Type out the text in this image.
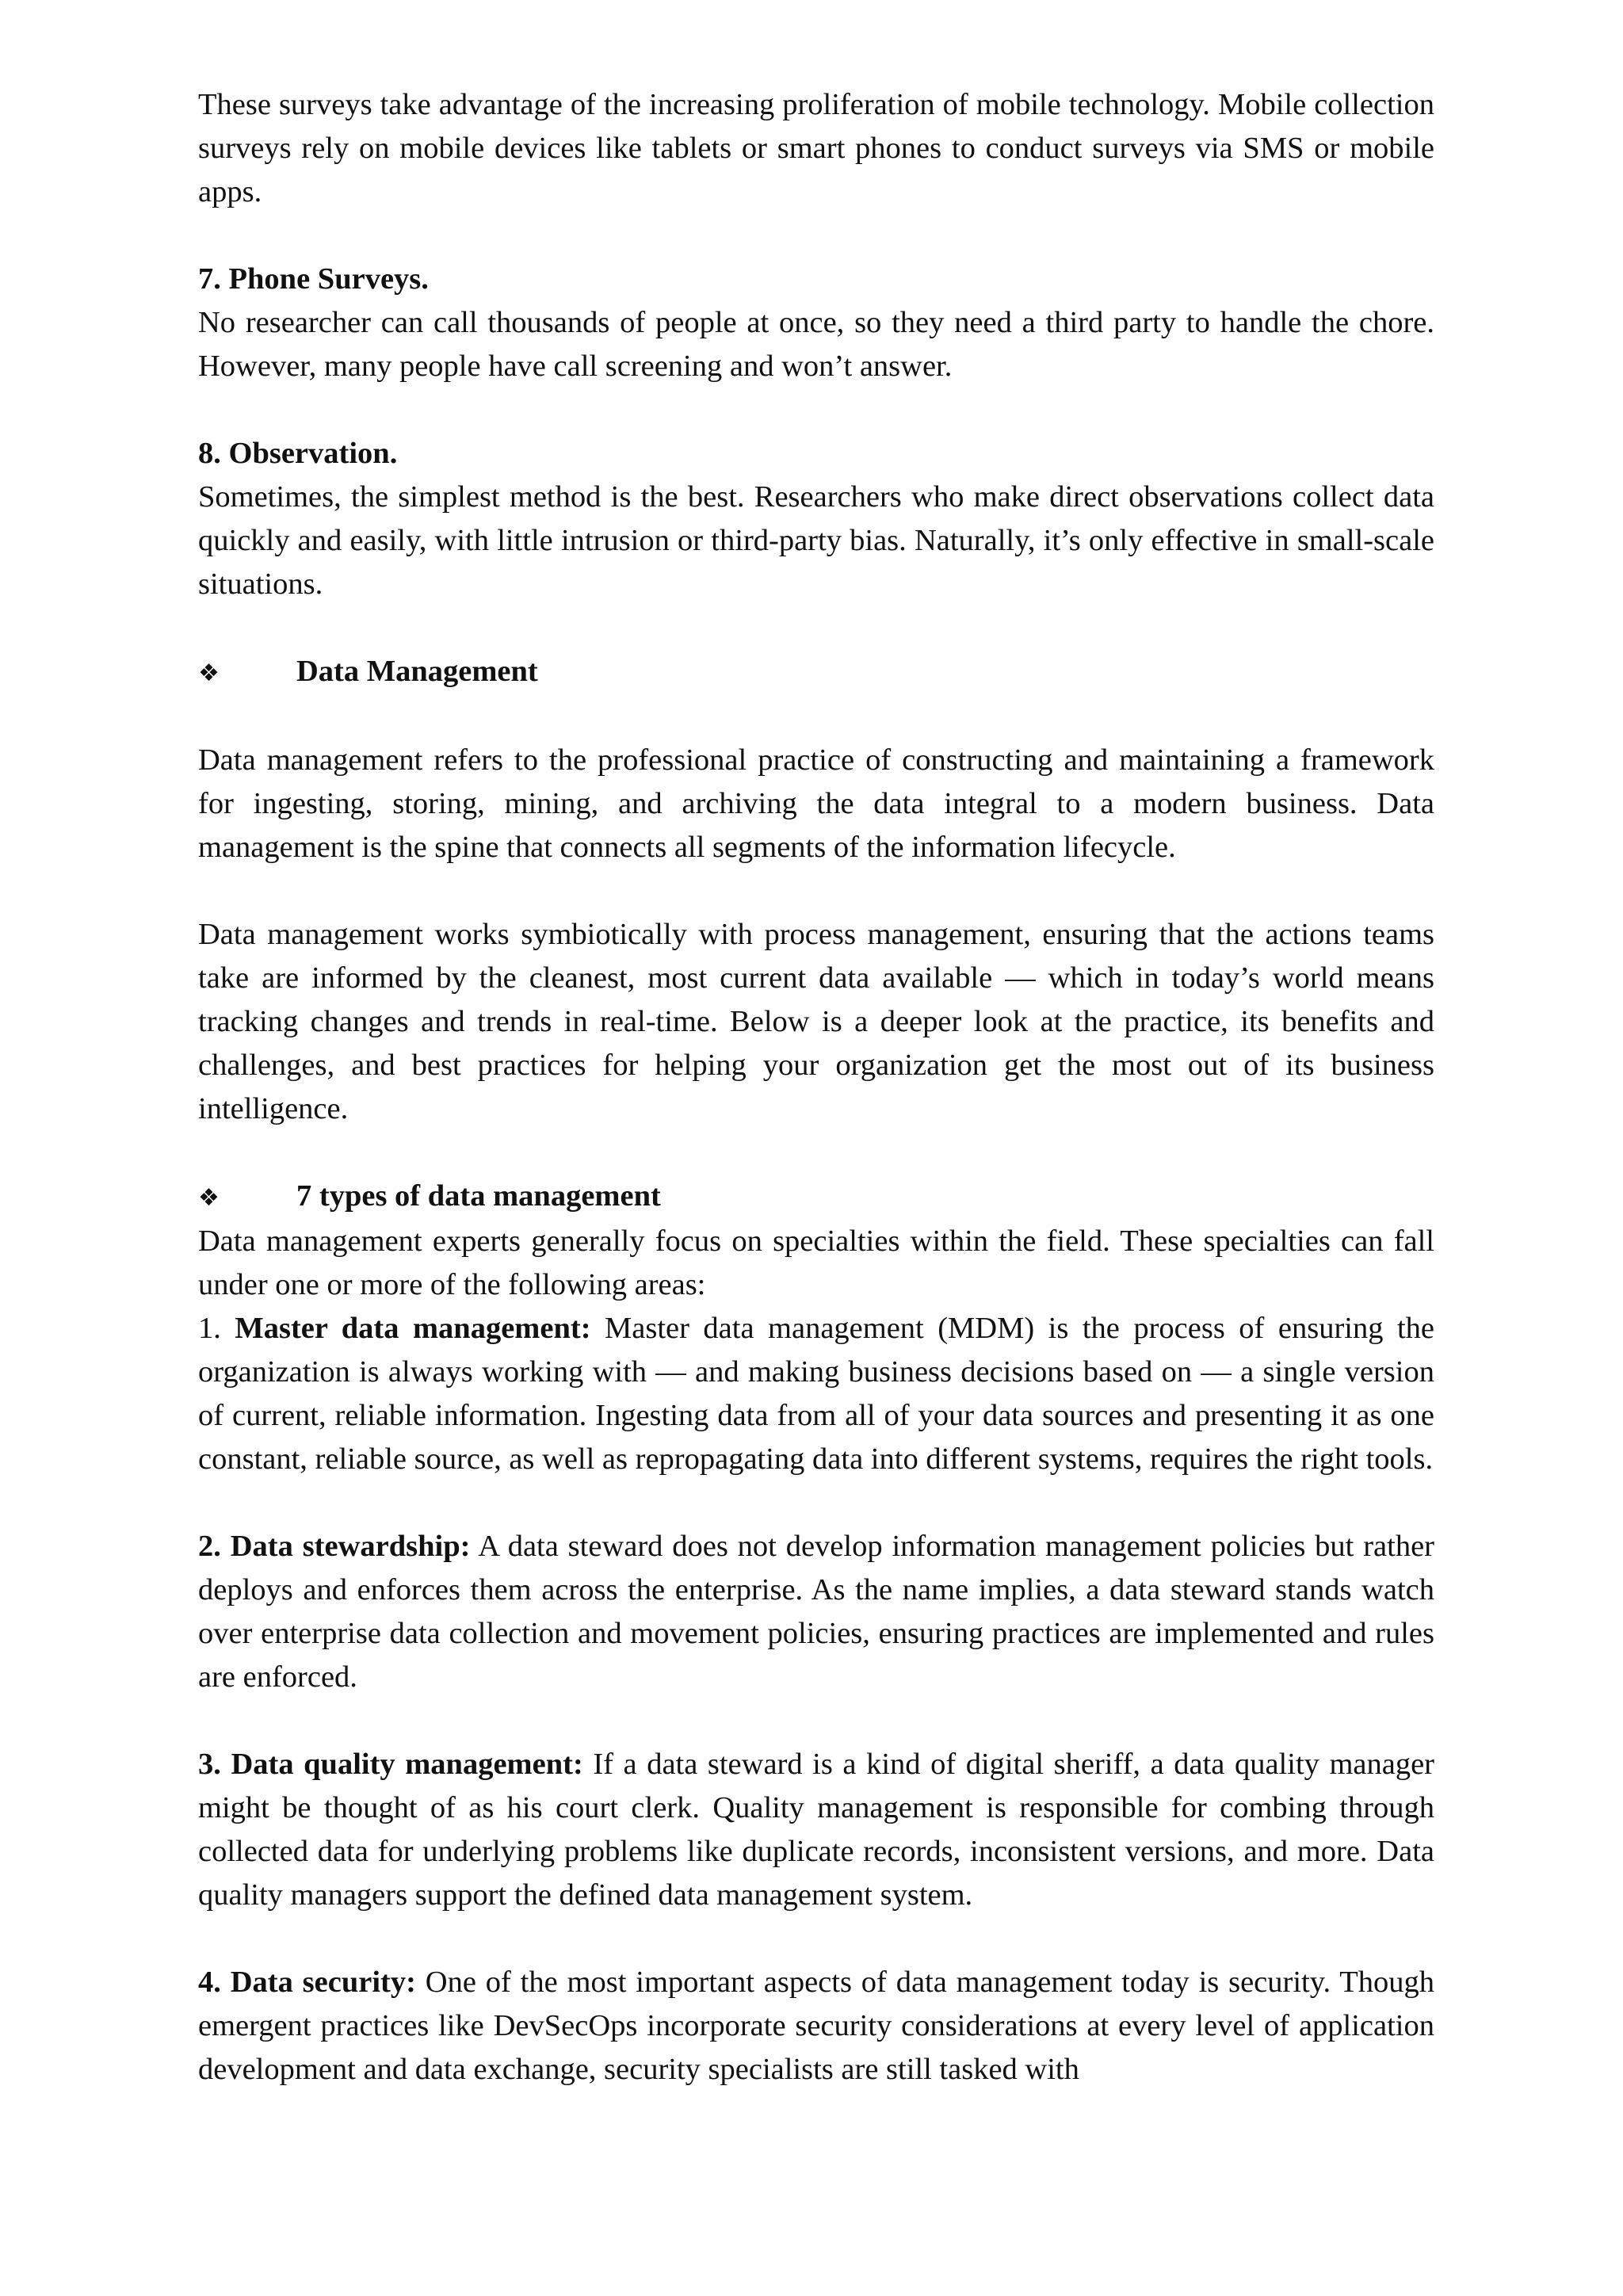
These surveys take advantage of the increasing proliferation of mobile technology. Mobile collection surveys rely on mobile devices like tablets or smart phones to conduct surveys via SMS or mobile apps.

7. Phone Surveys.

No researcher can call thousands of people at once, so they need a third party to handle the chore. However, many people have call screening and won’t answer.

8. Observation.

Sometimes, the simplest method is the best. Researchers who make direct observations collect data quickly and easily, with little intrusion or third-party bias. Naturally, it’s only effective in small-scale situations.

❖	Data Management

Data management refers to the professional practice of constructing and maintaining a framework for ingesting, storing, mining, and archiving the data integral to a modern business. Data management is the spine that connects all segments of the information lifecycle.

Data management works symbiotically with process management, ensuring that the actions teams take are informed by the cleanest, most current data available — which in today’s world means tracking changes and trends in real-time. Below is a deeper look at the practice, its benefits and challenges, and best practices for helping your organization get the most out of its business intelligence.

❖	7 types of data management

Data management experts generally focus on specialties within the field. These specialties can fall under one or more of the following areas:

1. Master data management: Master data management (MDM) is the process of ensuring the organization is always working with — and making business decisions based on — a single version of current, reliable information. Ingesting data from all of your data sources and presenting it as one constant, reliable source, as well as repropagating data into different systems, requires the right tools.

2. Data stewardship: A data steward does not develop information management policies but rather deploys and enforces them across the enterprise. As the name implies, a data steward stands watch over enterprise data collection and movement policies, ensuring practices are implemented and rules are enforced.

3. Data quality management: If a data steward is a kind of digital sheriff, a data quality manager might be thought of as his court clerk. Quality management is responsible for combing through collected data for underlying problems like duplicate records, inconsistent versions, and more. Data quality managers support the defined data management system.

4. Data security: One of the most important aspects of data management today is security. Though emergent practices like DevSecOps incorporate security considerations at every level of application development and data exchange, security specialists are still tasked with
